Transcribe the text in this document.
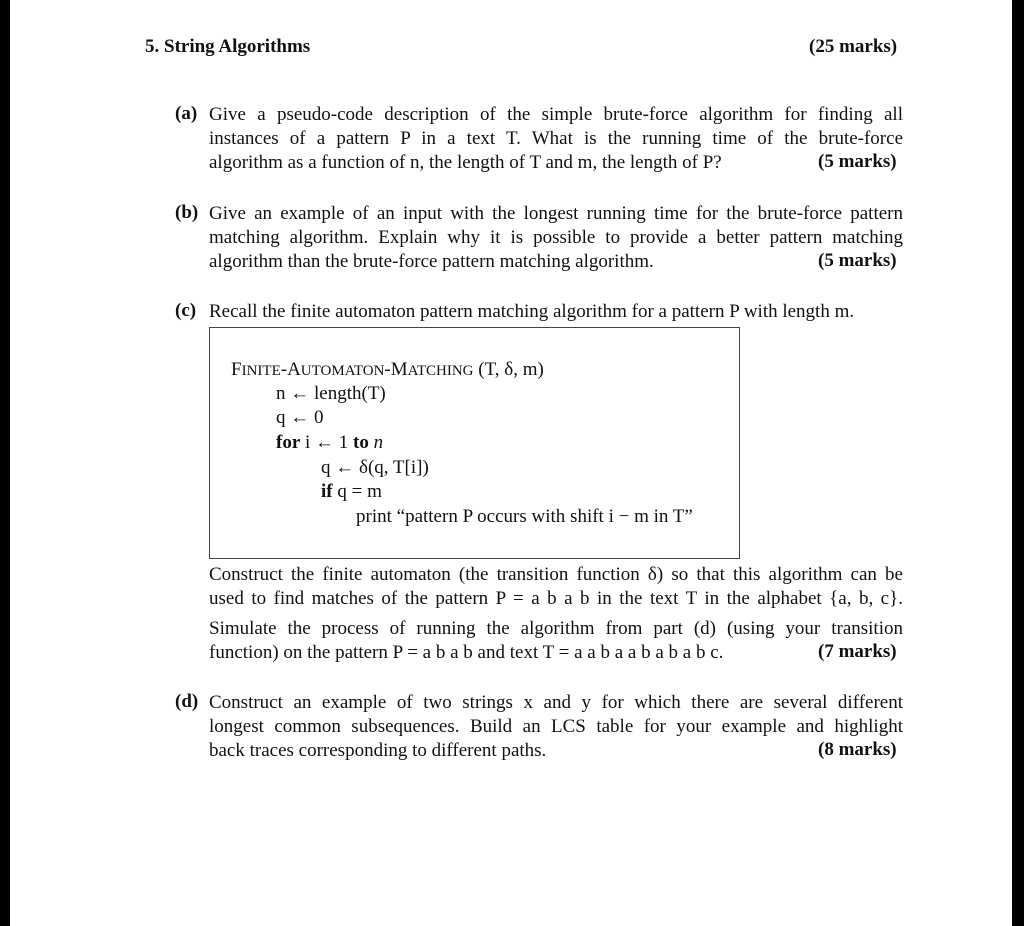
5. String Algorithms	(25 marks)
(a) Give a pseudo-code description of the simple brute-force algorithm for finding all
instances of a pattern P in a text T. What is the running time of the brute-force
algorithm as a function of n, the length of T and m, the length of P?	(5 marks)
(b) Give an example of an input with the longest running time for the brute-force pattern
matching algorithm. Explain why it is possible to provide a better pattern matching
algorithm than the brute-force pattern matching algorithm.	(5 marks)
(c) Recall the finite automaton pattern matching algorithm for a pattern P with length m.
FINITE-AUTOMATON-MATCHING (T, δ, m)
n ← length(T)
q ← 0
for i ← 1 to n
q ← δ(q, T[i])
if q = m
print “pattern P occurs with shift i − m in T”
Construct the finite automaton (the transition function δ) so that this algorithm can be
used to find matches of the pattern P = a b a b in the text T in the alphabet {a, b, c}.
Simulate the process of running the algorithm from part (d) (using your transition
function) on the pattern P = a b a b and text T = a a b a a b a b a b c.	(7 marks)
(d) Construct an example of two strings x and y for which there are several different
longest common subsequences. Build an LCS table for your example and highlight
back traces corresponding to different paths.	(8 marks)
